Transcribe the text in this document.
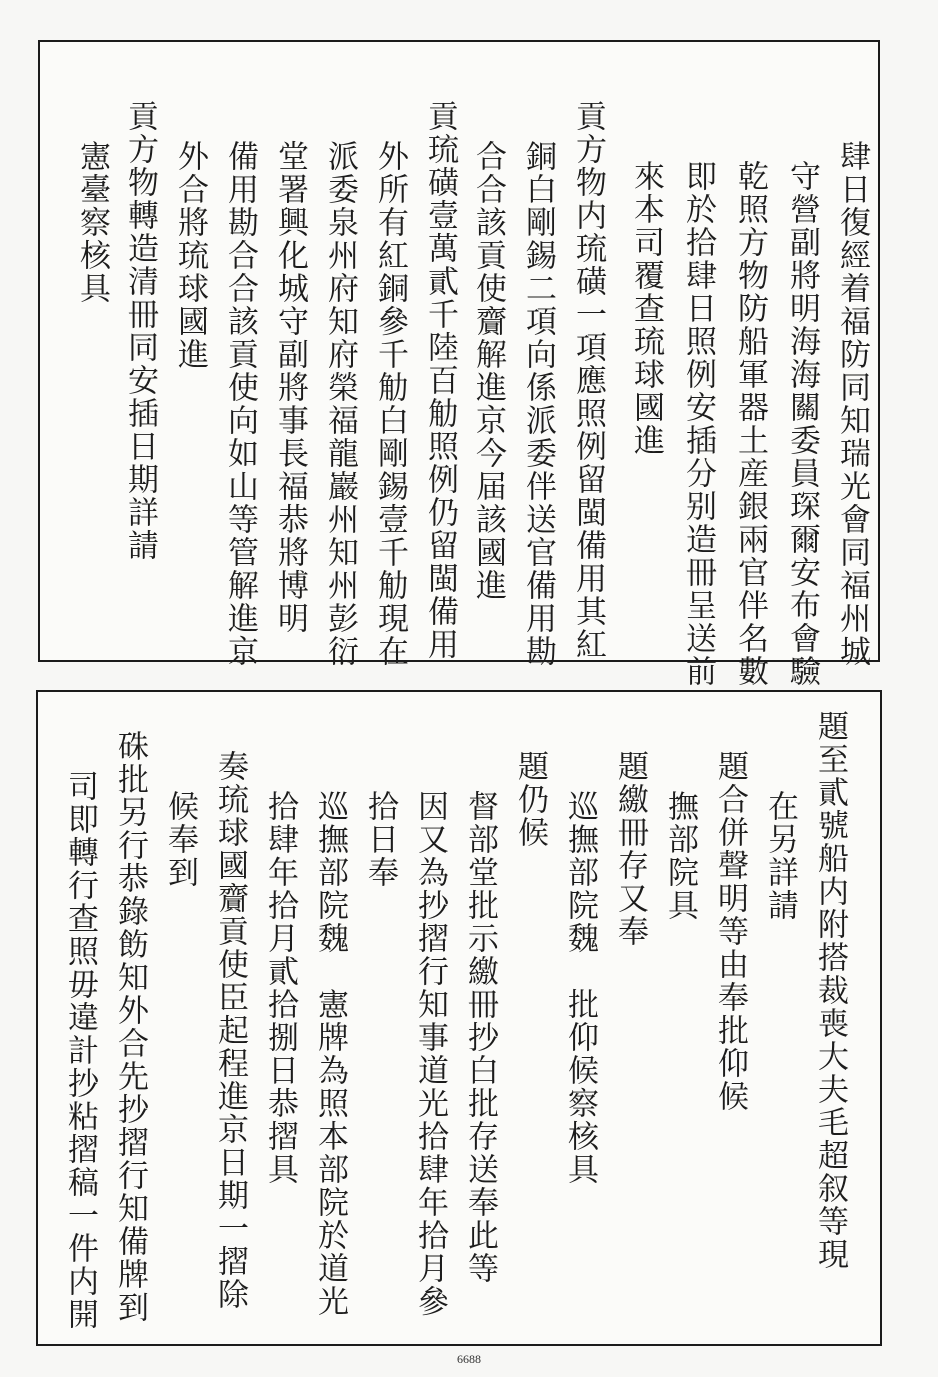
肆日復經着福防同知瑞光會同福州城
守營副將明海海關委員琛爾安布會驗
乾照方物防船軍器土産銀兩官伴名數
即於拾肆日照例安插分别造冊呈送前
來本司覆查琉球國進
貢方物内琉磺一項應照例留閩備用其紅
銅白剛錫二項向係派委伴送官備用勘
合合該貢使齎解進京今届該國進
貢琉磺壹萬貳千陸百觔照例仍留閩備用
外所有紅銅參千觔白剛錫壹千觔現在
派委泉州府知府榮福龍巖州知州彭衍
堂署興化城守副將事長福恭將博明
備用勘合合該貢使向如山等管解進京
外合將琉球國進
貢方物轉造清冊同安插日期詳請
憲臺察核具
題至貳號船内附搭裁喪大夫毛超叙等現
在另詳請
題合併聲明等由奉批仰候
撫部院具
題繳冊存又奉
巡撫部院魏　批仰候察核具
題仍候
督部堂批示繳冊抄白批存送奉此等
因又為抄摺行知事道光拾肆年拾月參
拾日奉
巡撫部院魏　憲牌為照本部院於道光
拾肆年拾月貳拾捌日恭摺具
奏琉球國齎貢使臣起程進京日期一摺除
候奉到
硃批另行恭錄飭知外合先抄摺行知備牌到
司即轉行查照毋違計抄粘摺稿一件内開
6688
